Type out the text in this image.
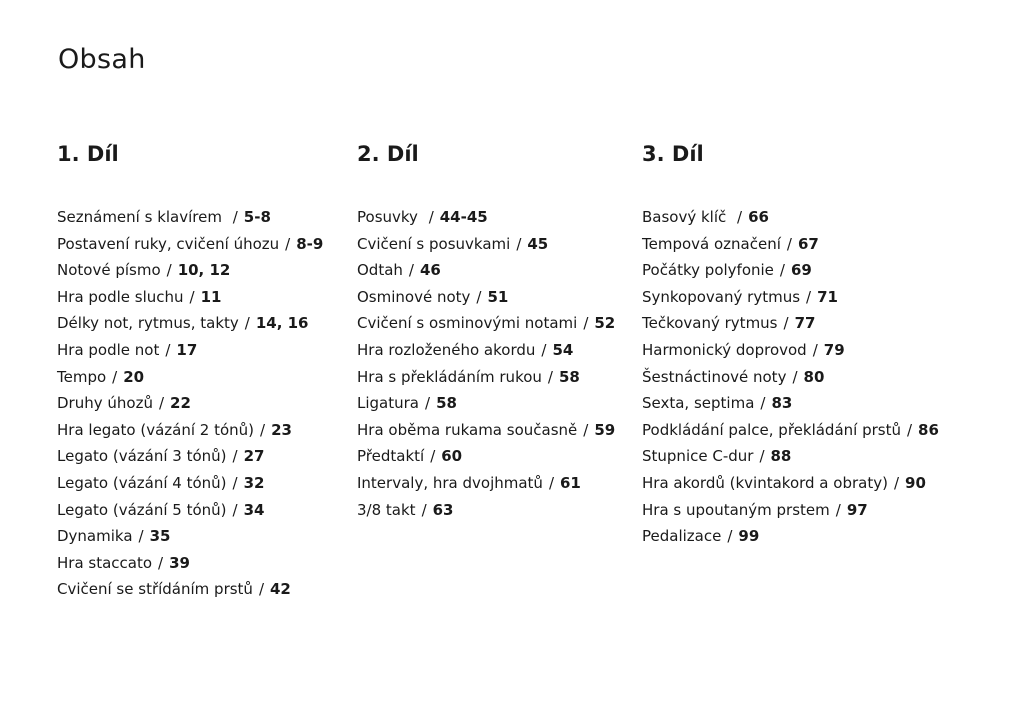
Obsah
1. Díl
Seznámení s klavírem / 5-8
Postavení ruky, cvičení úhozu / 8-9
Notové písmo / 10, 12
Hra podle sluchu / 11
Délky not, rytmus, takty / 14, 16
Hra podle not / 17
Tempo / 20
Druhy úhozů / 22
Hra legato (vázání 2 tónů) / 23
Legato (vázání 3 tónů) / 27
Legato (vázání 4 tónů) / 32
Legato (vázání 5 tónů) / 34
Dynamika / 35
Hra staccato / 39
Cvičení se střídáním prstů / 42
2. Díl
Posuvky / 44-45
Cvičení s posuvkami / 45
Odtah / 46
Osminové noty / 51
Cvičení s osminovými notami / 52
Hra rozloženého akordu / 54
Hra s překládáním rukou / 58
Ligatura / 58
Hra oběma rukama současně / 59
Předtaktí / 60
Intervaly, hra dvojhmatů / 61
3/8 takt / 63
3. Díl
Basový klíč / 66
Tempová označení / 67
Počátky polyfonie / 69
Synkopovaný rytmus / 71
Tečkovaný rytmus / 77
Harmonický doprovod / 79
Šestnáctinové noty / 80
Sexta, septima / 83
Podkládání palce, překládání prstů / 86
Stupnice C-dur / 88
Hra akordů (kvintakord a obraty) / 90
Hra s upoutaným prstem / 97
Pedalizace / 99
